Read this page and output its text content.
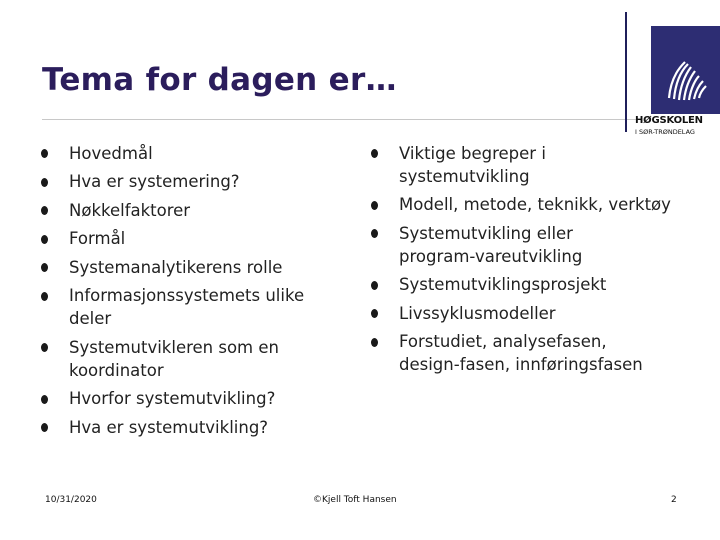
Tema for dagen er…
HØGSKOLEN
I SØR-TRØNDELAG
Hovedmål
Hva er systemering?
Nøkkelfaktorer
Formål
Systemanalytikerens rolle
Informasjonssystemets ulike deler
Systemutvikleren som en koordinator
Hvorfor systemutvikling?
Hva er systemutvikling?
Viktige begreper i systemutvikling
Modell, metode, teknikk, verktøy
Systemutvikling eller program-vareutvikling
Systemutviklingsprosjekt
Livssyklusmodeller
Forstudiet, analysefasen, design-fasen, innføringsfasen
10/31/2020	©Kjell Toft Hansen	2
